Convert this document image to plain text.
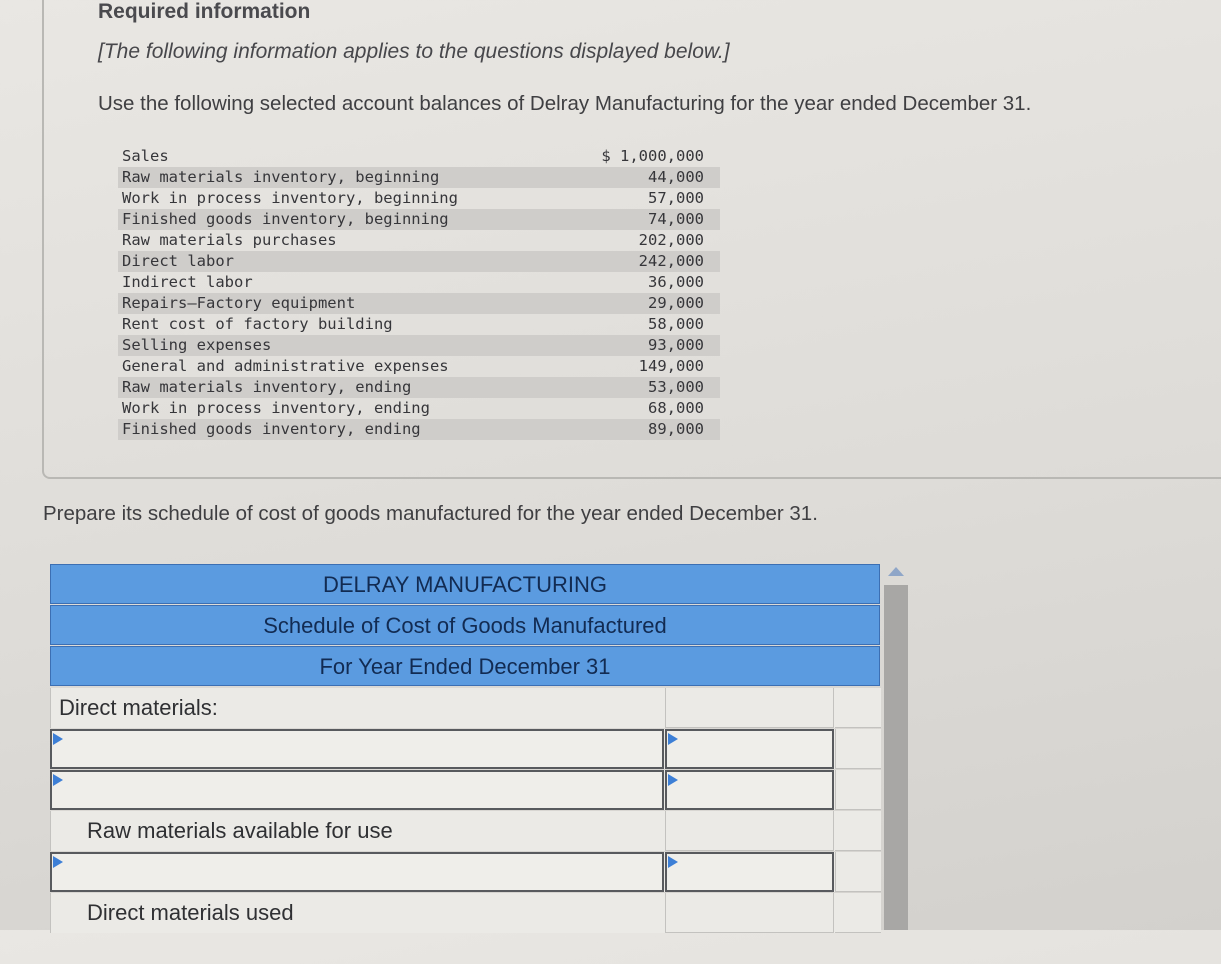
Required information

[The following information applies to the questions displayed below.]

Use the following selected account balances of Delray Manufacturing for the year ended December 31.

Sales	$ 1,000,000
Raw materials inventory, beginning	44,000
Work in process inventory, beginning	57,000
Finished goods inventory, beginning	74,000
Raw materials purchases	202,000
Direct labor	242,000
Indirect labor	36,000
Repairs—Factory equipment	29,000
Rent cost of factory building	58,000
Selling expenses	93,000
General and administrative expenses	149,000
Raw materials inventory, ending	53,000
Work in process inventory, ending	68,000
Finished goods inventory, ending	89,000

Prepare its schedule of cost of goods manufactured for the year ended December 31.

DELRAY MANUFACTURING
Schedule of Cost of Goods Manufactured
For Year Ended December 31
Direct materials:
Raw materials available for use
Direct materials used
